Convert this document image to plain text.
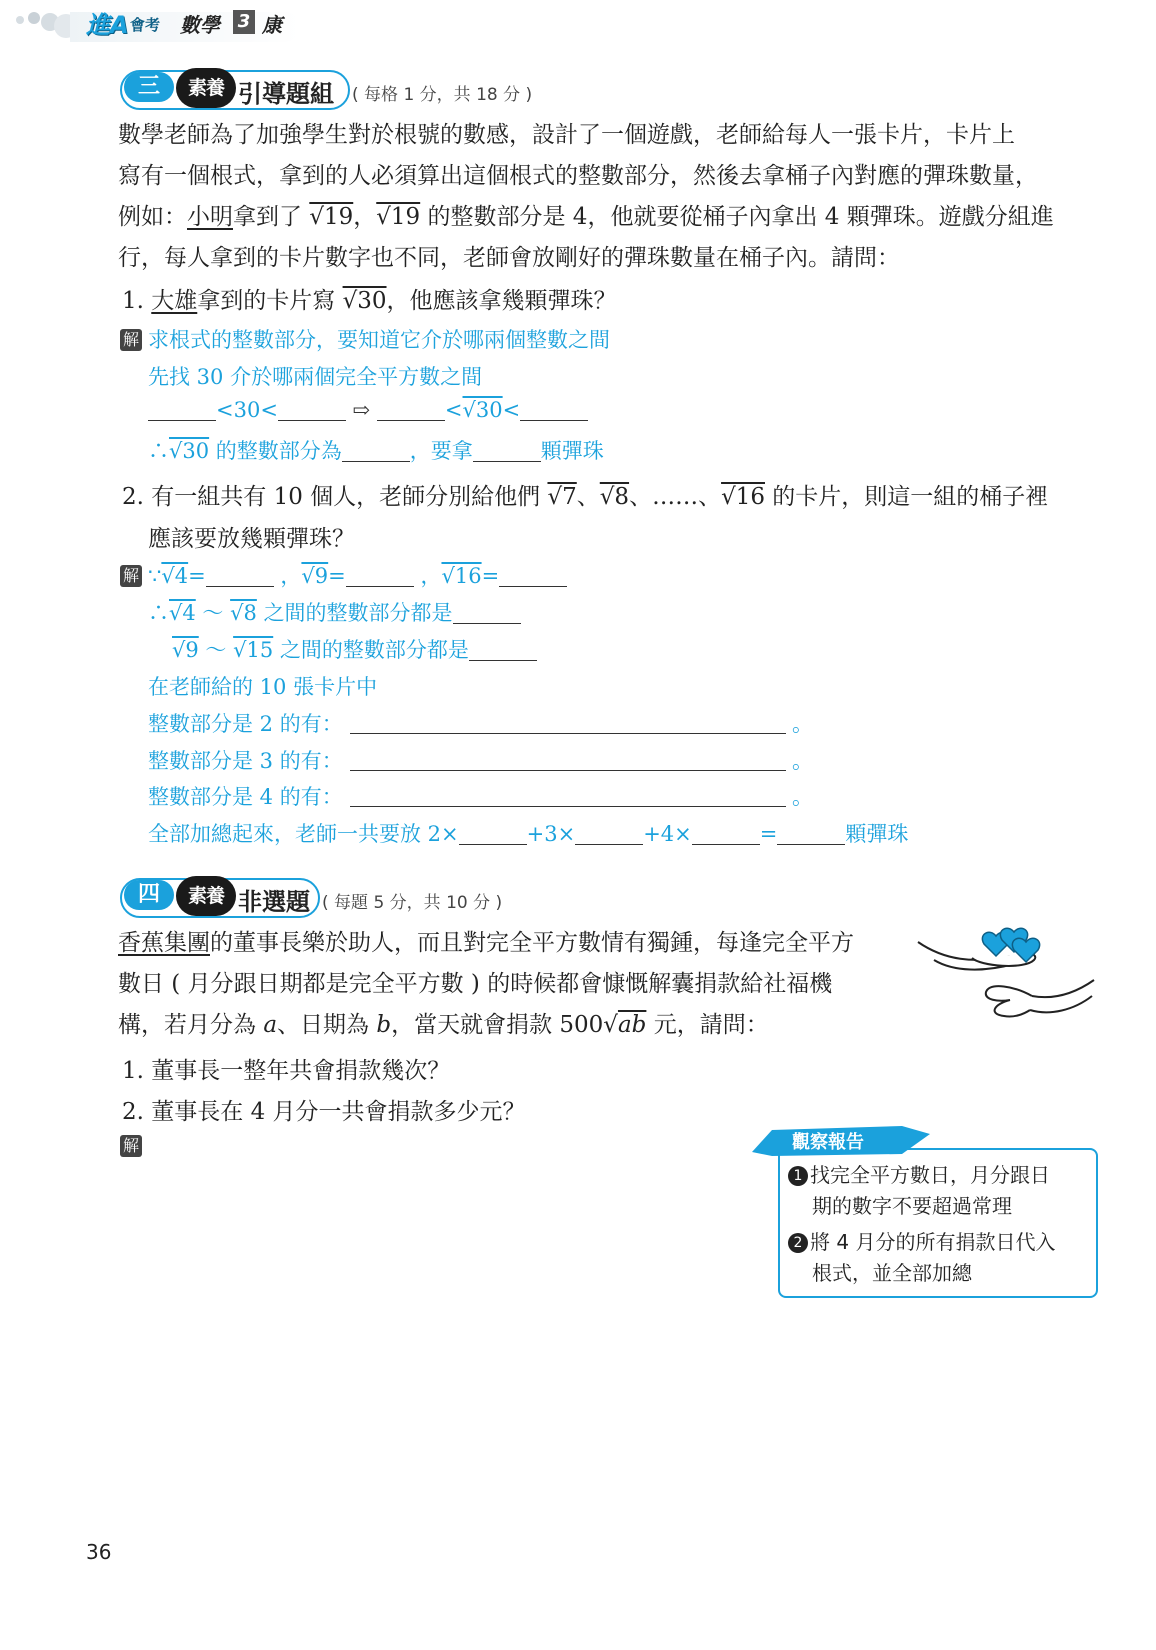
進A 會考 數學 3 康
三	素養 引導題組 ( 每格 1 分，共 18 分 )
數學老師為了加強學生對於根號的數感，設計了一個遊戲，老師給每人一張卡片，卡片上
寫有一個根式，拿到的人必須算出這個根式的整數部分，然後去拿桶子內對應的彈珠數量，
例如：小明拿到了 √19，√19 的整數部分是 4，他就要從桶子內拿出 4 顆彈珠。遊戲分組進
行，每人拿到的卡片數字也不同，老師會放剛好的彈珠數量在桶子內。請問：
1. 大雄拿到的卡片寫 √30，他應該拿幾顆彈珠？
解 求根式的整數部分，要知道它介於哪兩個整數之間
先找 30 介於哪兩個完全平方數之間
<30<	⇨	<√30<
∴√30 的整數部分為	，要拿	顆彈珠
2. 有一組共有 10 個人，老師分別給他們 √7、√8、……、√16 的卡片，則這一組的桶子裡
應該要放幾顆彈珠？
解 ∵√4=	，√9=	，√16=
∴√4 ～ √8 之間的整數部分都是
√9 ～ √15 之間的整數部分都是
在老師給的 10 張卡片中
整數部分是 2 的有：	。
整數部分是 3 的有：	。
整數部分是 4 的有：	。
全部加總起來，老師一共要放 2×	+3×	+4×	=	顆彈珠
四	素養 非選題 ( 每題 5 分，共 10 分 )
香蕉集團的董事長樂於助人，而且對完全平方數情有獨鍾，每逢完全平方
數日 ( 月分跟日期都是完全平方數 ) 的時候都會慷慨解囊捐款給社福機
構，若月分為 a、日期為 b，當天就會捐款 500√ab 元，請問：
1. 董事長一整年共會捐款幾次？
2. 董事長在 4 月分一共會捐款多少元？
解	觀察報告
1 找完全平方數日，月分跟日
期的數字不要超過常理
2 將 4 月分的所有捐款日代入
根式，並全部加總
36
